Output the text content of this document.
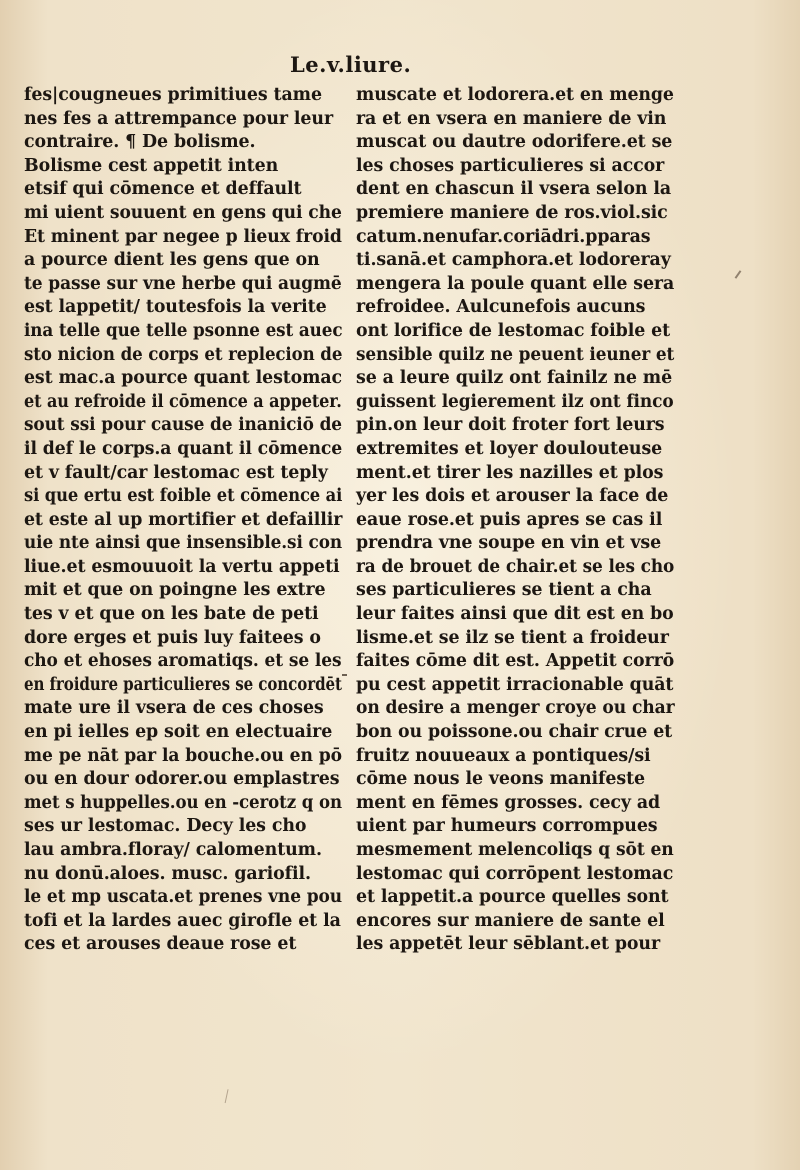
Le.v.liure.
fes|cougneues primitiues tame
nes fes a attrempance pour leur
contraire. ¶ De bolisme.
Bolisme cest appetit inten
etsif qui cōmence et deffault
mi uient souuent en gens qui che
Et minent par negee p lieux froid
a pource dient les gens que on
te passe sur vne herbe qui augmē
est lappetit/ toutesfois la verite
ina telle que telle psonne est auec
sto nicion de corps et replecion de
est mac.a pource quant lestomac
et au refroide il cōmence a appeter.
sout ssi pour cause de inaniciō de
il def le corps.a quant il cōmence
et v fault/car lestomac est teply
si que ertu est foible et cōmence ai
et este al up mortifier et defaillir
uie nte ainsi que insensible.si con
liue.et esmouuoit la vertu appeti
mit et que on poingne les extre
tes v et que on les bate de peti
dore erges et puis luy faitees o
cho et ehoses aromatiqs. et se les
en froidure particulieres se concordēt
mate ure il vsera de ces choses
en pi ielles ep soit en electuaire
me pe nāt par la bouche.ou en pō
ou en dour odorer.ou emplastres
met s huppelles.ou en -cerotz q on
ses ur lestomac. Decy les cho
lau ambra.floray/ calomentum.
nu donū.aloes. musc. gariofil.
le et mp uscata.et prenes vne pou
tofi et la lardes auec girofle et la
ces et arouses deaue rose et
muscate et lodorera.et en menge
ra et en vsera en maniere de vin
muscat ou dautre odorifere.et se
les choses particulieres si accor
dent en chascun il vsera selon la
premiere maniere de ros.viol.sic
catum.nenufar.coriādri.pparas
ti.sanā.et camphora.et lodoreray
mengera la poule quant elle sera
refroidee. Aulcunefois aucuns
ont lorifice de lestomac foible et
sensible quilz ne peuent ieuner et
se a leure quilz ont fainilz ne mē
guissent legierement ilz ont finco
pin.on leur doit froter fort leurs
extremites et loyer doulouteuse
ment.et tirer les nazilles et plos
yer les dois et arouser la face de
eaue rose.et puis apres se cas il
prendra vne soupe en vin et vse
ra de brouet de chair.et se les cho
ses particulieres se tient a cha
leur faites ainsi que dit est en bo
lisme.et se ilz se tient a froideur
faites cōme dit est. Appetit corrō
pu cest appetit irracionable quāt
on desire a menger croye ou char
bon ou poissone.ou chair crue et
fruitz nouueaux a pontiques/si
cōme nous le veons manifeste
ment en fēmes grosses. cecy ad
uient par humeurs corrompues
mesmement melencoliqs q sōt en
lestomac qui corrōpent lestomac
et lappetit.a pource quelles sont
encores sur maniere de sante el
les appetēt leur sēblant.et pour
